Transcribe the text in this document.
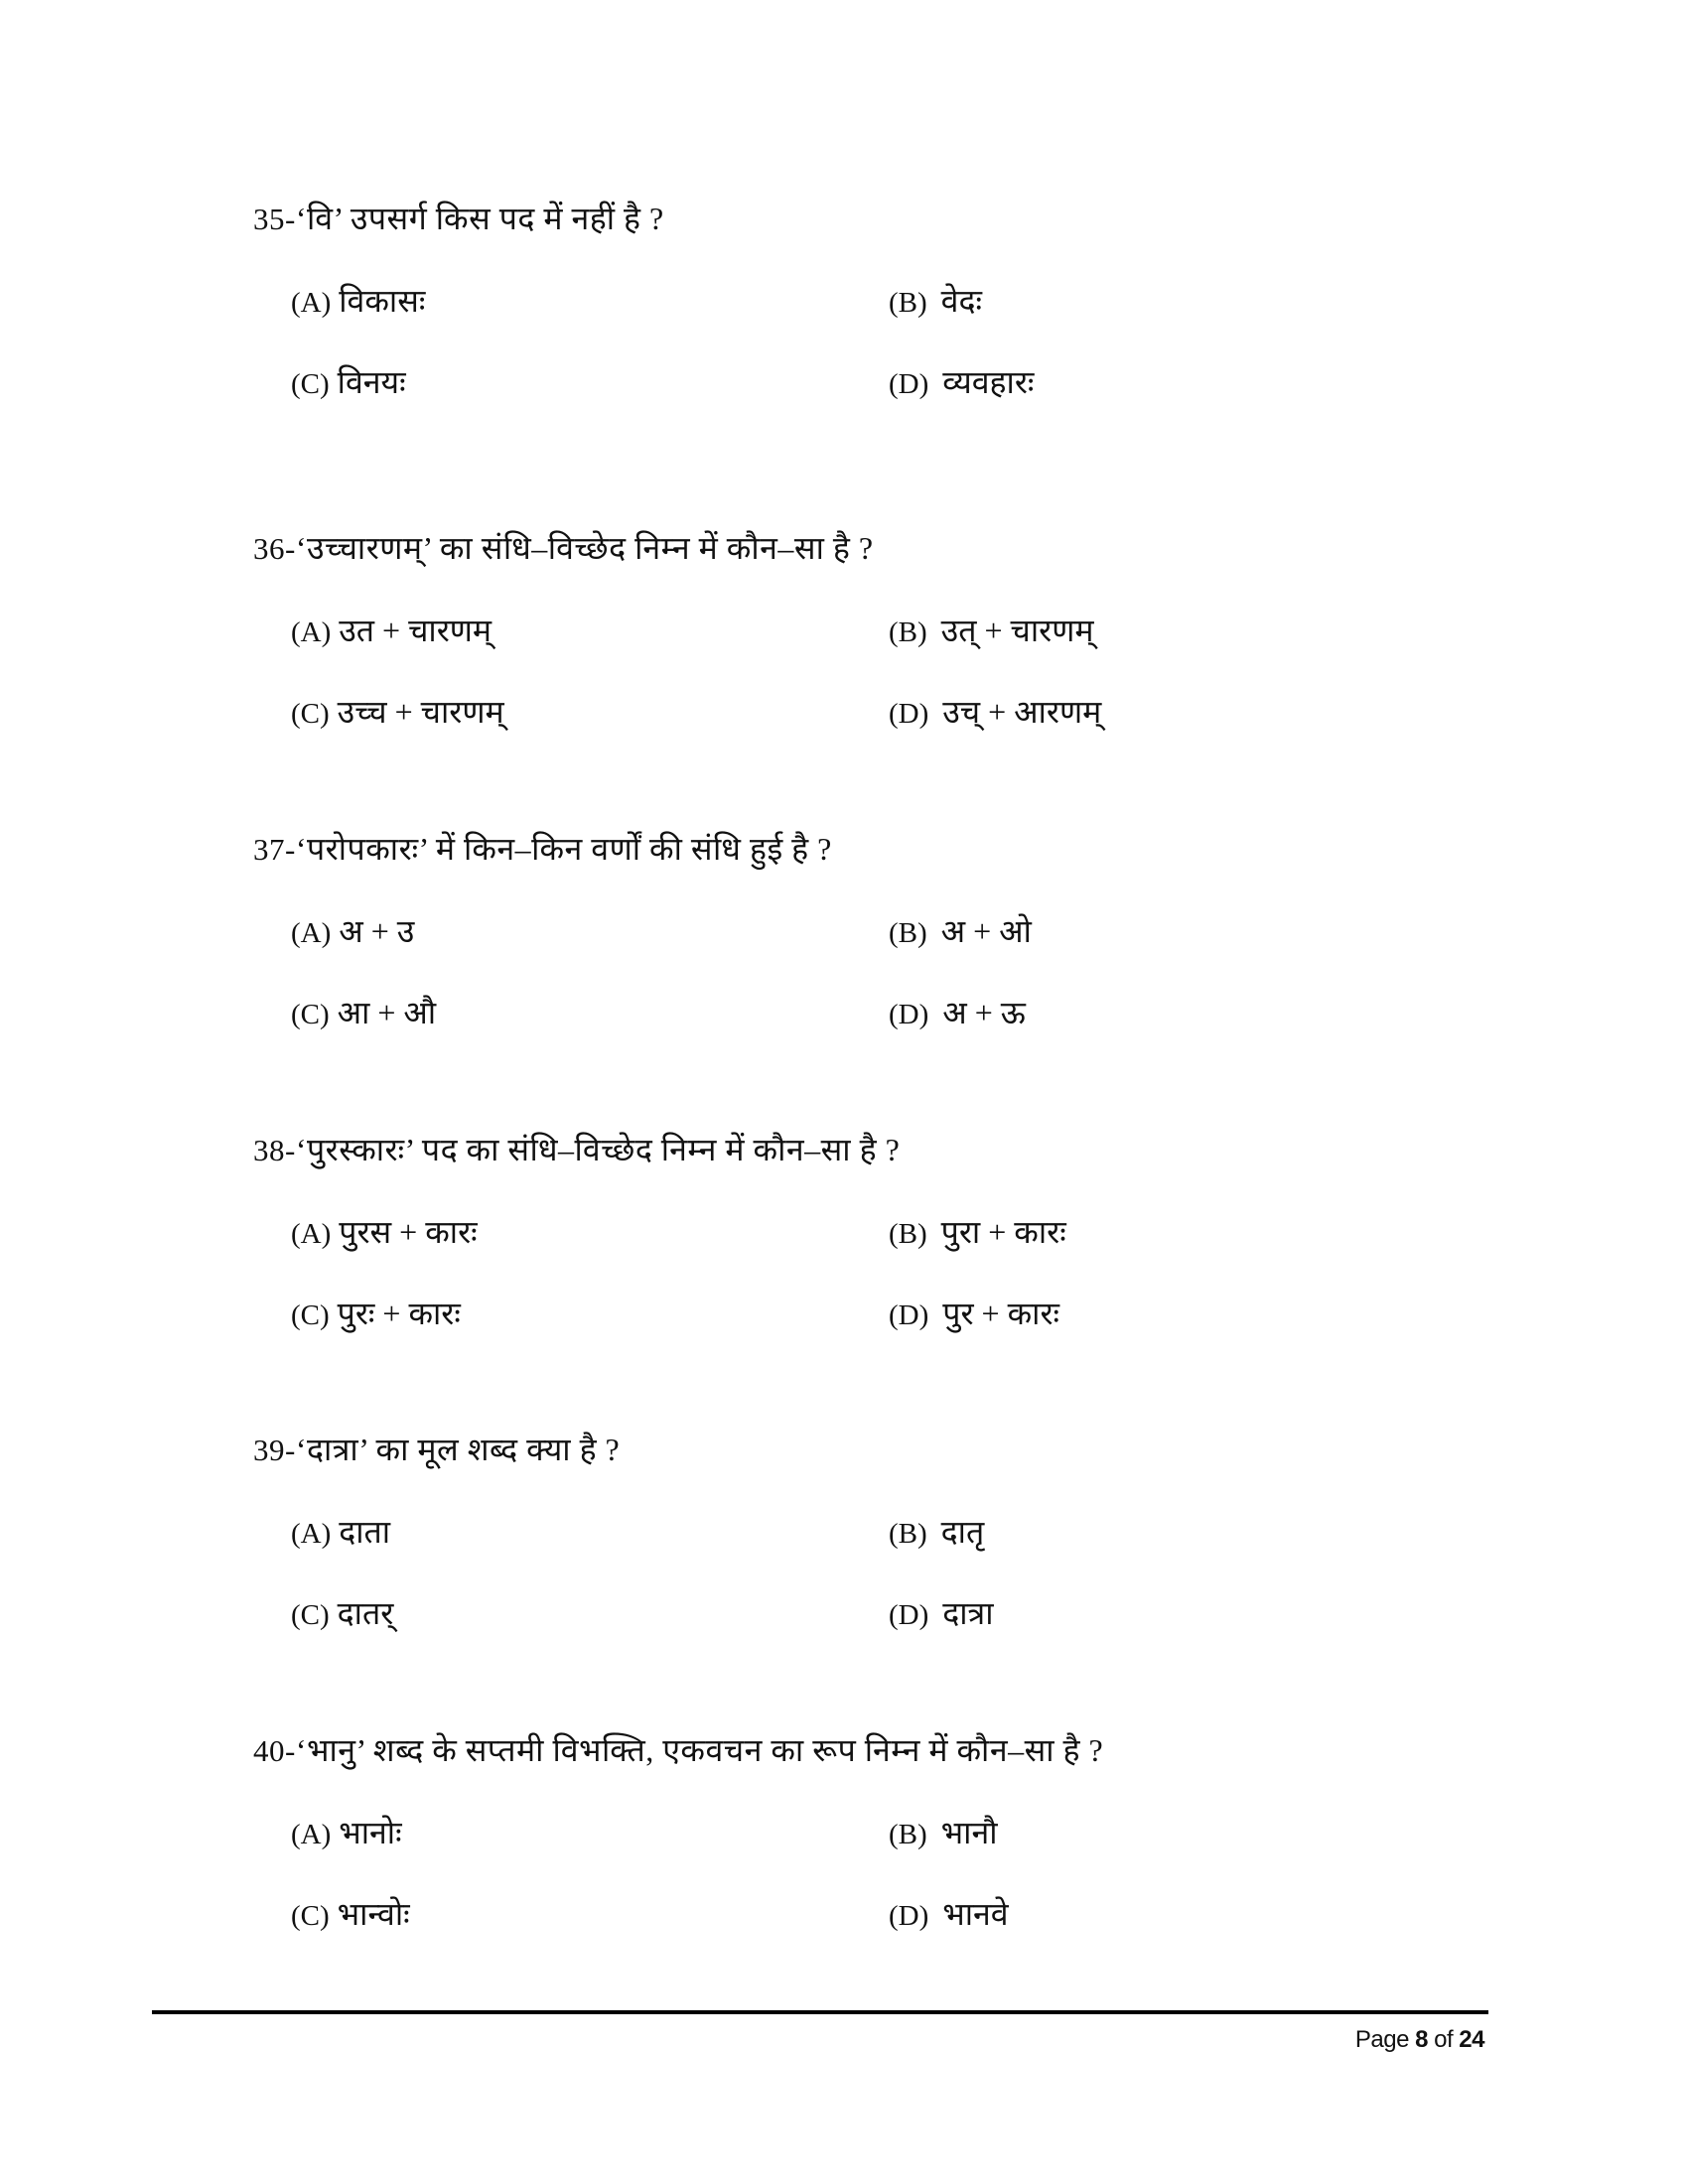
35-‘वि’ उपसर्ग किस पद में नहीं है ?
(A) विकासः	(B) वेदः
(C) विनयः	(D) व्यवहारः
36-‘उच्चारणम्’ का संधि–विच्छेद निम्न में कौन–सा है ?
(A) उत + चारणम्	(B) उत् + चारणम्
(C) उच्च + चारणम्	(D) उच् + आरणम्
37-‘परोपकारः’ में किन–किन वर्णों की संधि हुई है ?
(A) अ + उ	(B) अ + ओ
(C) आ + औ	(D) अ + ऊ
38-‘पुरस्कारः’ पद का संधि–विच्छेद निम्न में कौन–सा है ?
(A) पुरस + कारः	(B) पुरा + कारः
(C) पुरः + कारः	(D) पुर + कारः
39-‘दात्रा’ का मूल शब्द क्या है ?
(A) दाता	(B) दातृ
(C) दातर्	(D) दात्रा
40-‘भानु’ शब्द के सप्तमी विभक्ति, एकवचन का रूप निम्न में कौन–सा है ?
(A) भानोः	(B) भानौ
(C) भान्वोः	(D) भानवे
Page 8 of 24
